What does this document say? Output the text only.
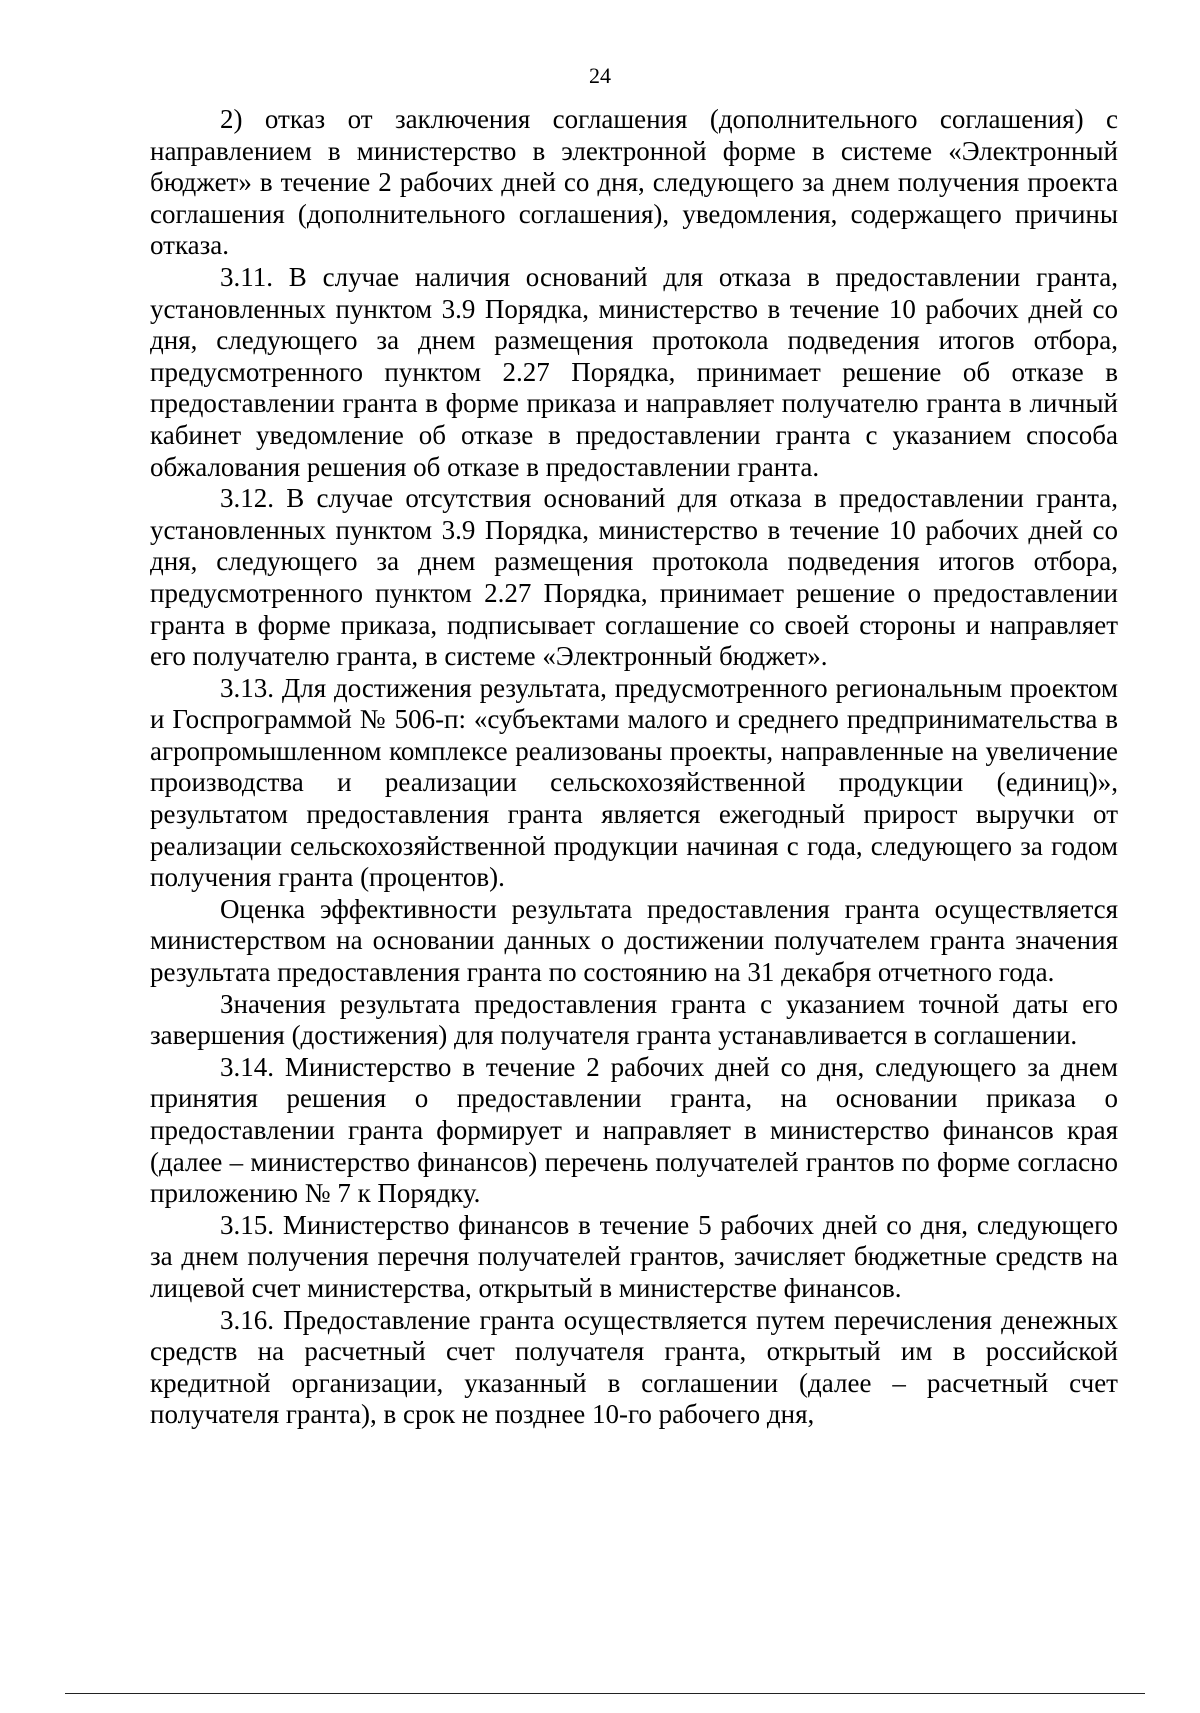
24

2) отказ от заключения соглашения (дополнительного соглашения) с направлением в министерство в электронной форме в системе «Электронный бюджет» в течение 2 рабочих дней со дня, следующего за днем получения проекта соглашения (дополнительного соглашения), уведомления, содержащего причины отказа.

3.11. В случае наличия оснований для отказа в предоставлении гранта, установленных пунктом 3.9 Порядка, министерство в течение 10 рабочих дней со дня, следующего за днем размещения протокола подведения итогов отбора, предусмотренного пунктом 2.27 Порядка, принимает решение об отказе в предоставлении гранта в форме приказа и направляет получателю гранта в личный кабинет уведомление об отказе в предоставлении гранта с указанием способа обжалования решения об отказе в предоставлении гранта.

3.12. В случае отсутствия оснований для отказа в предоставлении гранта, установленных пунктом 3.9 Порядка, министерство в течение 10 рабочих дней со дня, следующего за днем размещения протокола подведения итогов отбора, предусмотренного пунктом 2.27 Порядка, принимает решение о предоставлении гранта в форме приказа, подписывает соглашение со своей стороны и направляет его получателю гранта, в системе «Электронный бюджет».

3.13. Для достижения результата, предусмотренного региональным проектом и Госпрограммой № 506-п: «субъектами малого и среднего предпринимательства в агропромышленном комплексе реализованы проекты, направленные на увеличение производства и реализации сельскохозяйственной продукции (единиц)», результатом предоставления гранта является ежегодный прирост выручки от реализации сельскохозяйственной продукции начиная с года, следующего за годом получения гранта (процентов).

Оценка эффективности результата предоставления гранта осуществляется министерством на основании данных о достижении получателем гранта значения результата предоставления гранта по состоянию на 31 декабря отчетного года.

Значения результата предоставления гранта с указанием точной даты его завершения (достижения) для получателя гранта устанавливается в соглашении.

3.14. Министерство в течение 2 рабочих дней со дня, следующего за днем принятия решения о предоставлении гранта, на основании приказа о предоставлении гранта формирует и направляет в министерство финансов края (далее – министерство финансов) перечень получателей грантов по форме согласно приложению № 7 к Порядку.

3.15. Министерство финансов в течение 5 рабочих дней со дня, следующего за днем получения перечня получателей грантов, зачисляет бюджетные средств на лицевой счет министерства, открытый в министерстве финансов.

3.16. Предоставление гранта осуществляется путем перечисления денежных средств на расчетный счет получателя гранта, открытый им в российской кредитной организации, указанный в соглашении (далее – расчетный счет получателя гранта), в срок не позднее 10-го рабочего дня,
